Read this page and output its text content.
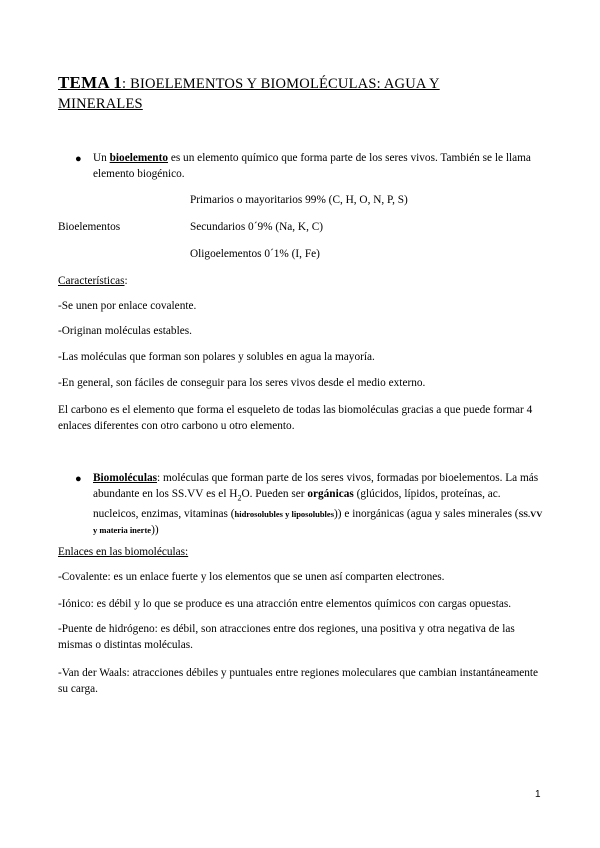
TEMA 1: BIOELEMENTOS Y BIOMOLÉCULAS: AGUA Y MINERALES
● Un bioelemento es un elemento químico que forma parte de los seres vivos. También se le llama elemento biogénico.
Primarios o mayoritarios 99% (C, H, O, N, P, S)
Bioelementos	Secundarios 0´9% (Na, K, C)
Oligoelementos 0´1% (I, Fe)
Características:
-Se unen por enlace covalente.
-Originan moléculas estables.
-Las moléculas que forman son polares y solubles en agua la mayoría.
-En general, son fáciles de conseguir para los seres vivos desde el medio externo.
El carbono es el elemento que forma el esqueleto de todas las biomoléculas gracias a que puede formar 4 enlaces diferentes con otro carbono u otro elemento.
● Biomoléculas: moléculas que forman parte de los seres vivos, formadas por bioelementos. La más abundante en los SS.VV es el $H_2O$. Pueden ser orgánicas (glúcidos, lípidos, proteínas, ac. nucleicos, enzimas, vitaminas (hidrosolubles y liposolubles)) e inorgánicas (agua y sales minerales (SS.VV y materia inerte))
Enlaces en las biomoléculas:
-Covalente: es un enlace fuerte y los elementos que se unen así comparten electrones.
-Iónico: es débil y lo que se produce es una atracción entre elementos químicos con cargas opuestas.
-Puente de hidrógeno: es débil, son atracciones entre dos regiones, una positiva y otra negativa de las mismas o distintas moléculas.
-Van der Waals: atracciones débiles y puntuales entre regiones moleculares que cambian instantáneamente su carga.
1
